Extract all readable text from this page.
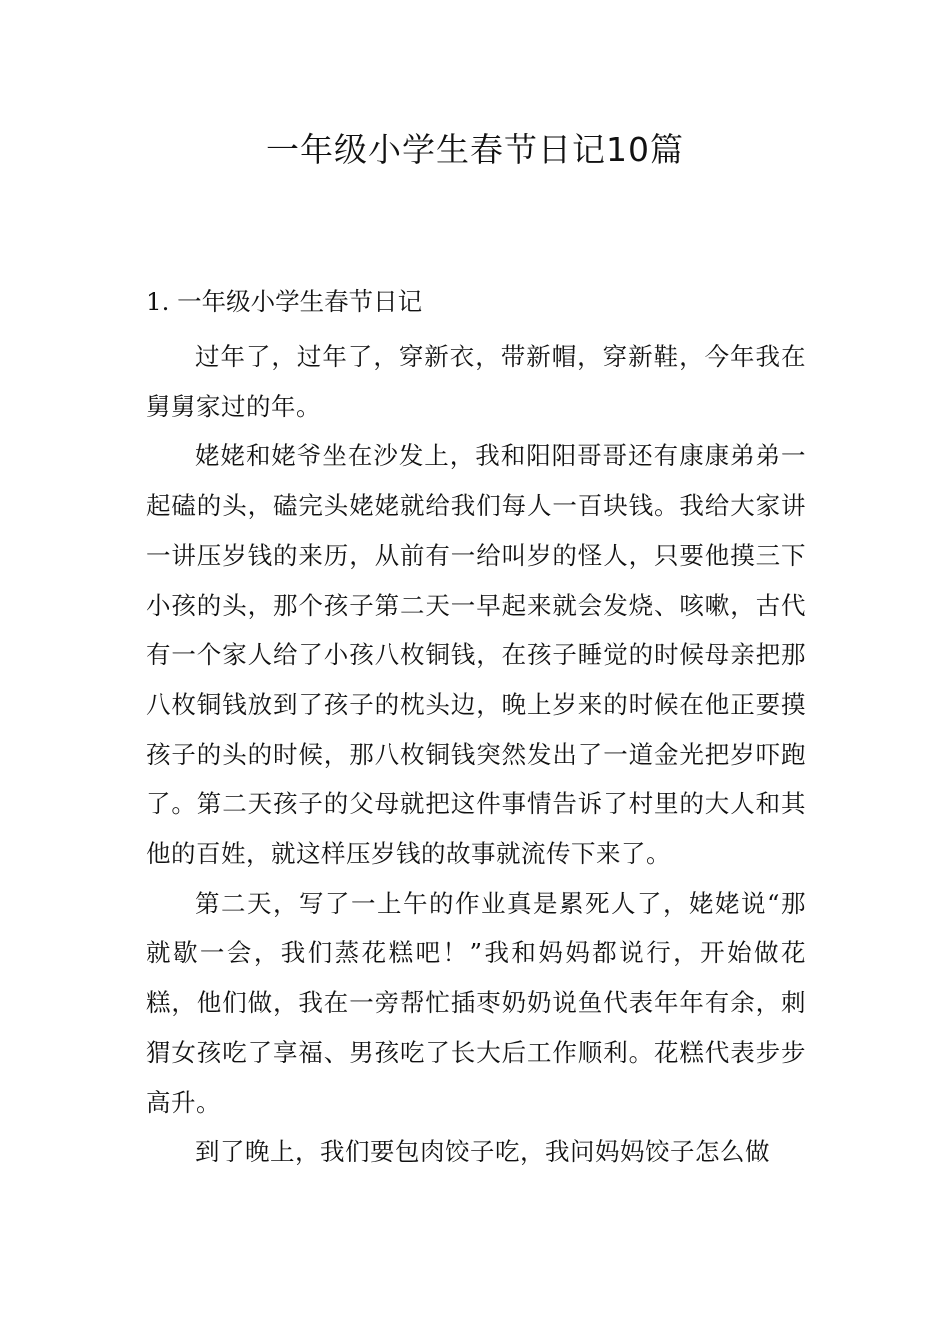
一年级小学生春节日记10篇
1. 一年级小学生春节日记

过年了，过年了，穿新衣，带新帽，穿新鞋，今年我在舅舅家过的年。

姥姥和姥爷坐在沙发上，我和阳阳哥哥还有康康弟弟一起磕的头，磕完头姥姥就给我们每人一百块钱。我给大家讲一讲压岁钱的来历，从前有一给叫岁的怪人，只要他摸三下小孩的头，那个孩子第二天一早起来就会发烧、咳嗽，古代有一个家人给了小孩八枚铜钱，在孩子睡觉的时候母亲把那八枚铜钱放到了孩子的枕头边，晚上岁来的时候在他正要摸孩子的头的时候，那八枚铜钱突然发出了一道金光把岁吓跑了。第二天孩子的父母就把这件事情告诉了村里的大人和其他的百姓，就这样压岁钱的故事就流传下来了。

第二天，写了一上午的作业真是累死人了，姥姥说“那就歇一会，我们蒸花糕吧！”我和妈妈都说行，开始做花糕，他们做，我在一旁帮忙插枣奶奶说鱼代表年年有余，刺猬女孩吃了享福、男孩吃了长大后工作顺利。花糕代表步步高升。

到了晚上，我们要包肉饺子吃，我问妈妈饺子怎么做
